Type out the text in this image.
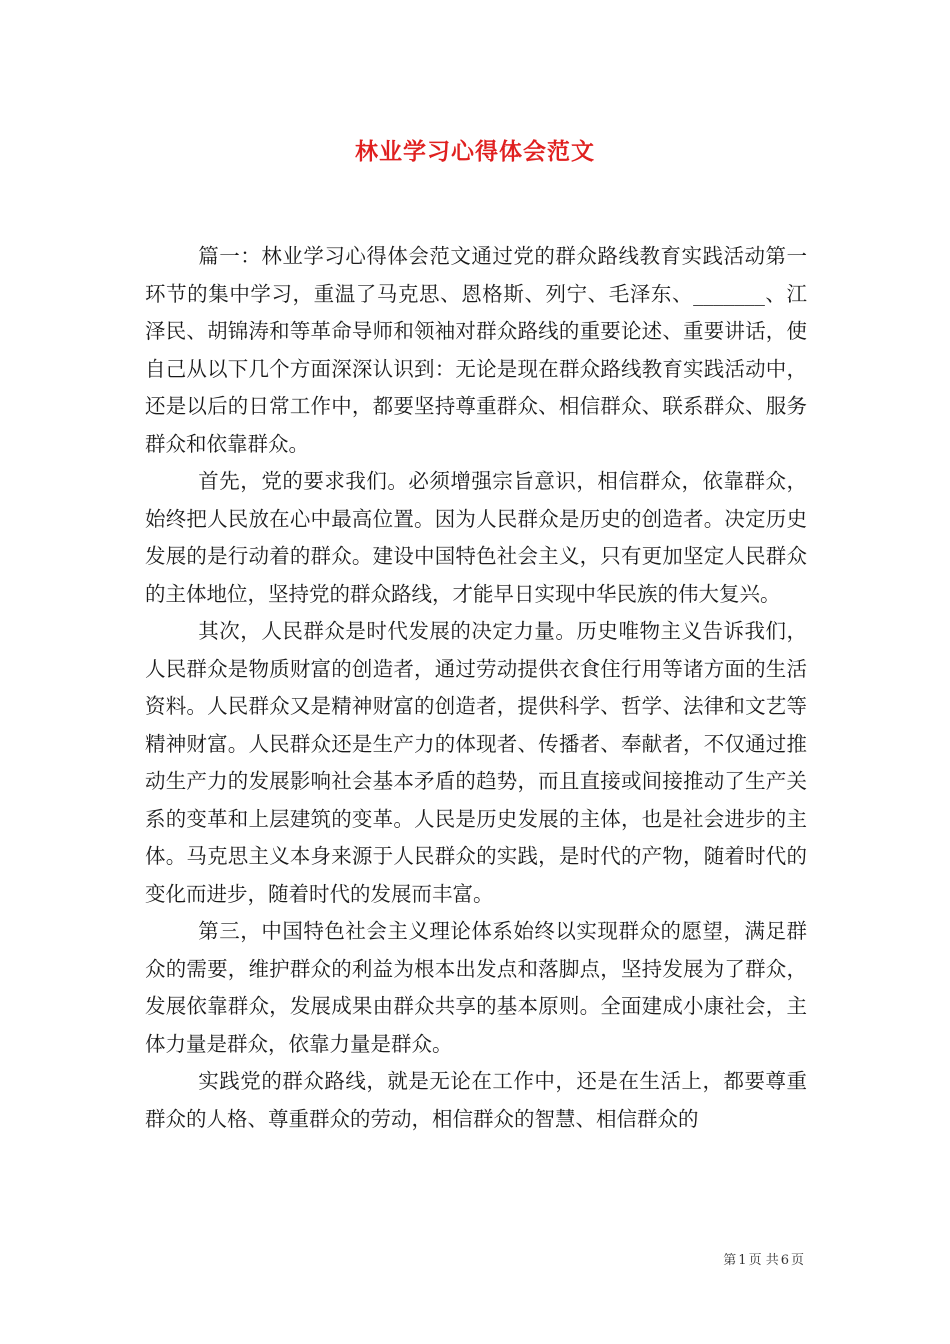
林业学习心得体会范文

篇一：林业学习心得体会范文通过党的群众路线教育实践活动第一环节的集中学习，重温了马克思、恩格斯、列宁、毛泽东、_______、江泽民、胡锦涛和等革命导师和领袖对群众路线的重要论述、重要讲话，使自己从以下几个方面深深认识到：无论是现在群众路线教育实践活动中，还是以后的日常工作中，都要坚持尊重群众、相信群众、联系群众、服务群众和依靠群众。

首先，党的要求我们。必须增强宗旨意识，相信群众，依靠群众，始终把人民放在心中最高位置。因为人民群众是历史的创造者。决定历史发展的是行动着的群众。建设中国特色社会主义，只有更加坚定人民群众的主体地位，坚持党的群众路线，才能早日实现中华民族的伟大复兴。

其次，人民群众是时代发展的决定力量。历史唯物主义告诉我们，人民群众是物质财富的创造者，通过劳动提供衣食住行用等诸方面的生活资料。人民群众又是精神财富的创造者，提供科学、哲学、法律和文艺等精神财富。人民群众还是生产力的体现者、传播者、奉献者，不仅通过推动生产力的发展影响社会基本矛盾的趋势，而且直接或间接推动了生产关系的变革和上层建筑的变革。人民是历史发展的主体，也是社会进步的主体。马克思主义本身来源于人民群众的实践，是时代的产物，随着时代的变化而进步，随着时代的发展而丰富。

第三，中国特色社会主义理论体系始终以实现群众的愿望，满足群众的需要，维护群众的利益为根本出发点和落脚点，坚持发展为了群众，发展依靠群众，发展成果由群众共享的基本原则。全面建成小康社会，主体力量是群众，依靠力量是群众。

实践党的群众路线，就是无论在工作中，还是在生活上，都要尊重群众的人格、尊重群众的劳动，相信群众的智慧、相信群众的

第 1 页 共 6 页
